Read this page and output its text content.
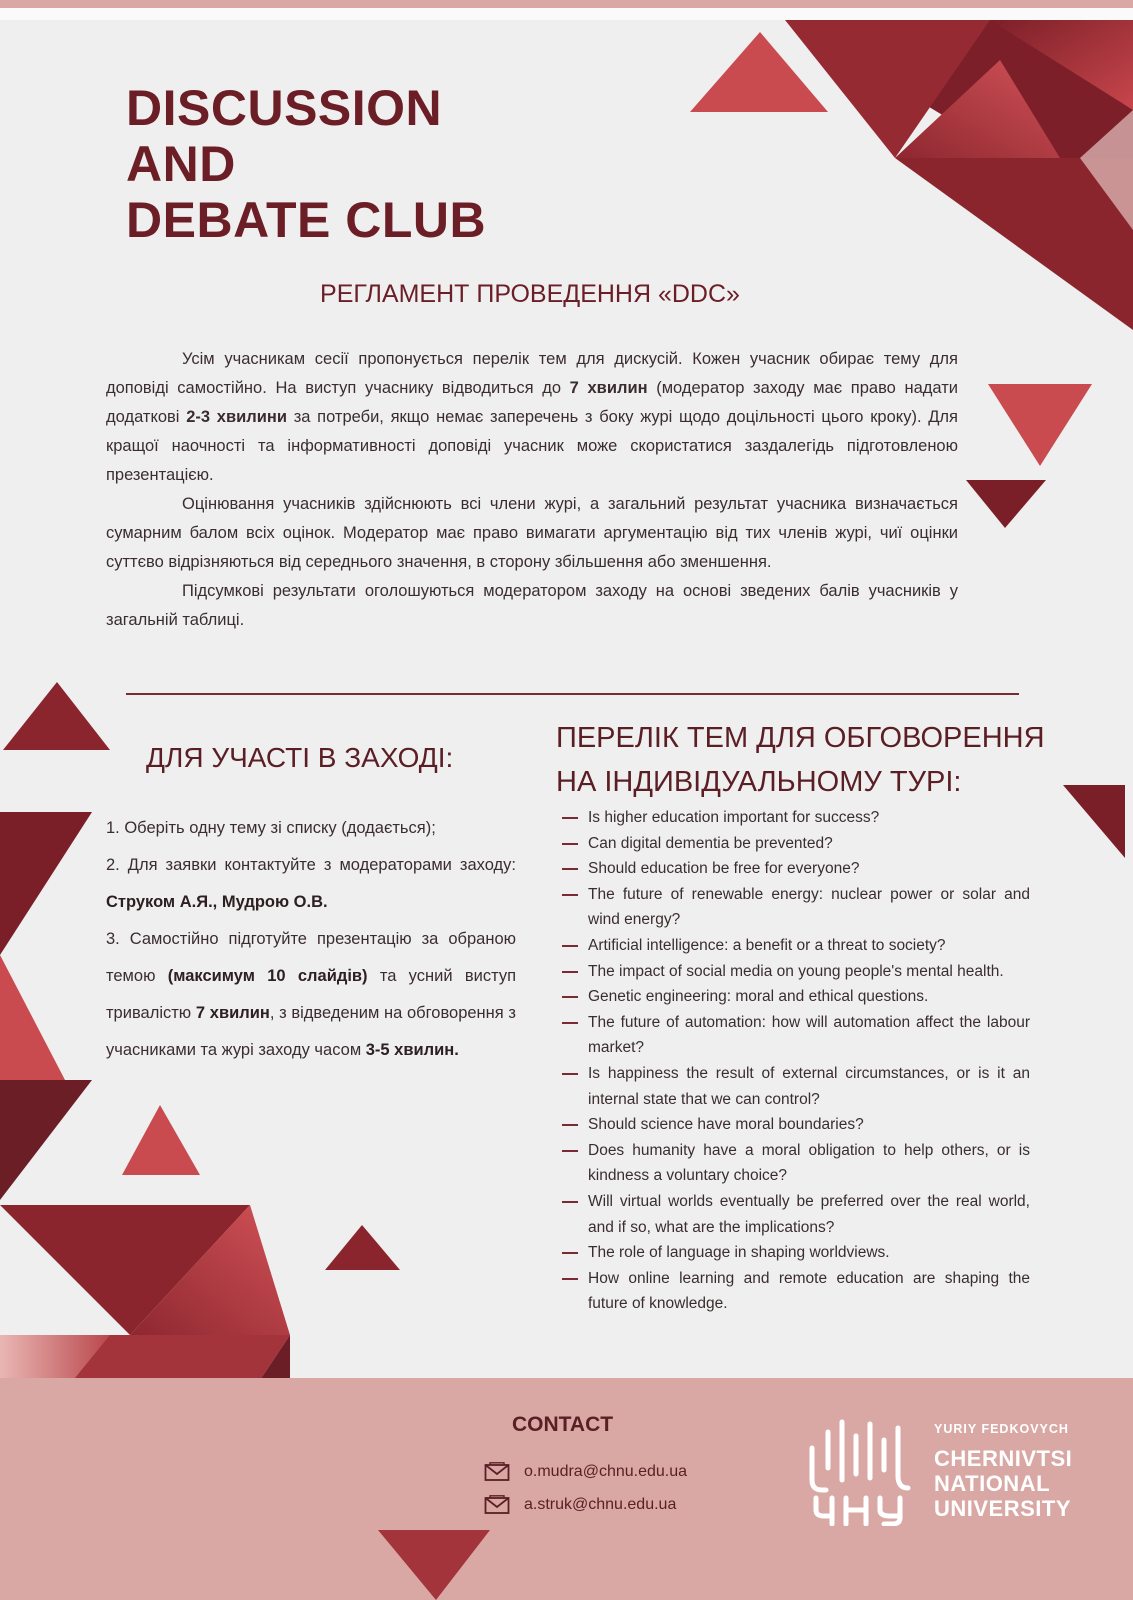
DISCUSSION
AND
DEBATE CLUB
РЕГЛАМЕНТ ПРОВЕДЕННЯ «DDC»

Усім учасникам сесії пропонується перелік тем для дискусій. Кожен учасник обирає тему для доповіді самостійно. На виступ учаснику відводиться до 7 хвилин (модератор заходу має право надати додаткові 2-3 хвилини за потреби, якщо немає заперечень з боку журі щодо доцільності цього кроку). Для кращої наочності та інформативності доповіді учасник може скористатися заздалегідь підготовленою презентацією.

Оцінювання учасників здійснюють всі члени журі, а загальний результат учасника визначається сумарним балом всіх оцінок. Модератор має право вимагати аргументацію від тих членів журі, чиї оцінки суттєво відрізняються від середнього значення, в сторону збільшення або зменшення.

Підсумкові результати оголошуються модератором заходу на основі зведених балів учасників у загальній таблиці.

ДЛЯ УЧАСТІ В ЗАХОДІ:

1. Оберіть одну тему зі списку (додається);

2. Для заявки контактуйте з модераторами заходу: Струком А.Я., Мудрою О.В.

3. Самостійно підготуйте презентацію за обраною темою (максимум 10 слайдів) та усний виступ тривалістю 7 хвилин, з відведеним на обговорення з учасниками та журі заходу часом 3-5 хвилин.

ПЕРЕЛІК ТЕМ ДЛЯ ОБГОВОРЕННЯ
НА ІНДИВІДУАЛЬНОМУ ТУРІ:
Is higher education important for success?
Can digital dementia be prevented?
Should education be free for everyone?
The future of renewable energy: nuclear power or solar and wind energy?
Artificial intelligence: a benefit or a threat to society?
The impact of social media on young people's mental health.
Genetic engineering: moral and ethical questions.
The future of automation: how will automation affect the labour market?
Is happiness the result of external circumstances, or is it an internal state that we can control?
Should science have moral boundaries?
Does humanity have a moral obligation to help others, or is kindness a voluntary choice?
Will virtual worlds eventually be preferred over the real world, and if so, what are the implications?
The role of language in shaping worldviews.
How online learning and remote education are shaping the future of knowledge.
CONTACT
o.mudra@chnu.edu.ua
a.struk@chnu.edu.ua
YURIY FEDKOVYCH
CHERNIVTSI
NATIONAL
UNIVERSITY
